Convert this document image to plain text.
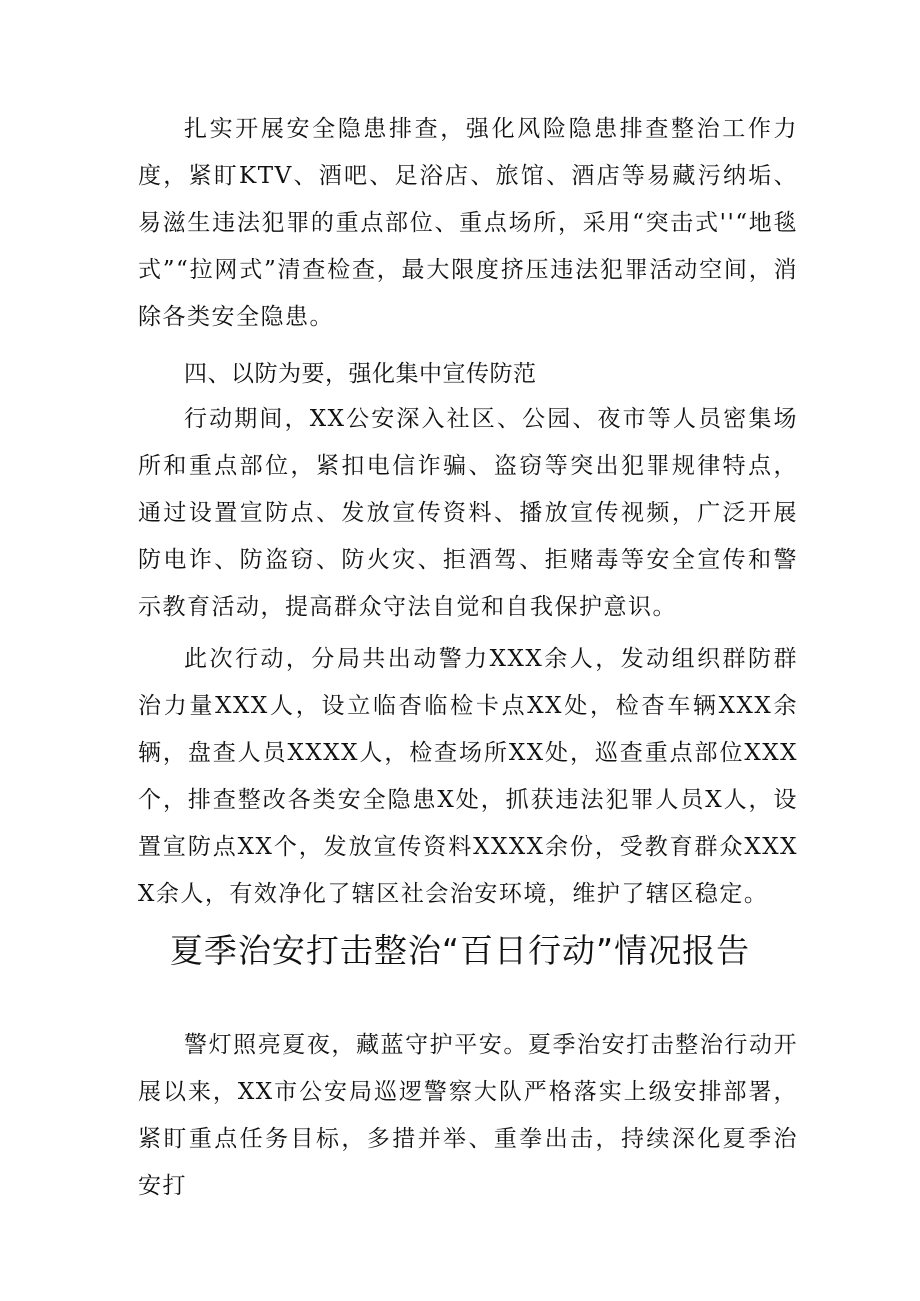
扎实开展安全隐患排查，强化风险隐患排查整治工作力度，紧盯KTV、酒吧、足浴店、旅馆、酒店等易藏污纳垢、易滋生违法犯罪的重点部位、重点场所，采用“突击式''“地毯式”“拉网式”清查检查，最大限度挤压违法犯罪活动空间，消除各类安全隐患。

四、以防为要，强化集中宣传防范

行动期间，XX公安深入社区、公园、夜市等人员密集场所和重点部位，紧扣电信诈骗、盗窃等突出犯罪规律特点，通过设置宣防点、发放宣传资料、播放宣传视频，广泛开展防电诈、防盗窃、防火灾、拒酒驾、拒赌毒等安全宣传和警示教育活动，提高群众守法自觉和自我保护意识。

此次行动，分局共出动警力XXX余人，发动组织群防群治力量XXX人，设立临杳临检卡点XX处，检杳车辆XXX余辆，盘查人员XXXX人，检查场所XX处，巡查重点部位XXX个，排查整改各类安全隐患X处，抓获违法犯罪人员X人，设置宣防点XX个，发放宣传资料XXXX余份，受教育群众XXXX余人，有效净化了辖区社会治安环境，维护了辖区稳定。

夏季治安打击整治“百日行动”情况报告

警灯照亮夏夜，藏蓝守护平安。夏季治安打击整治行动开展以来，XX市公安局巡逻警察大队严格落实上级安排部署，紧盯重点任务目标，多措并举、重拳出击，持续深化夏季治安打
